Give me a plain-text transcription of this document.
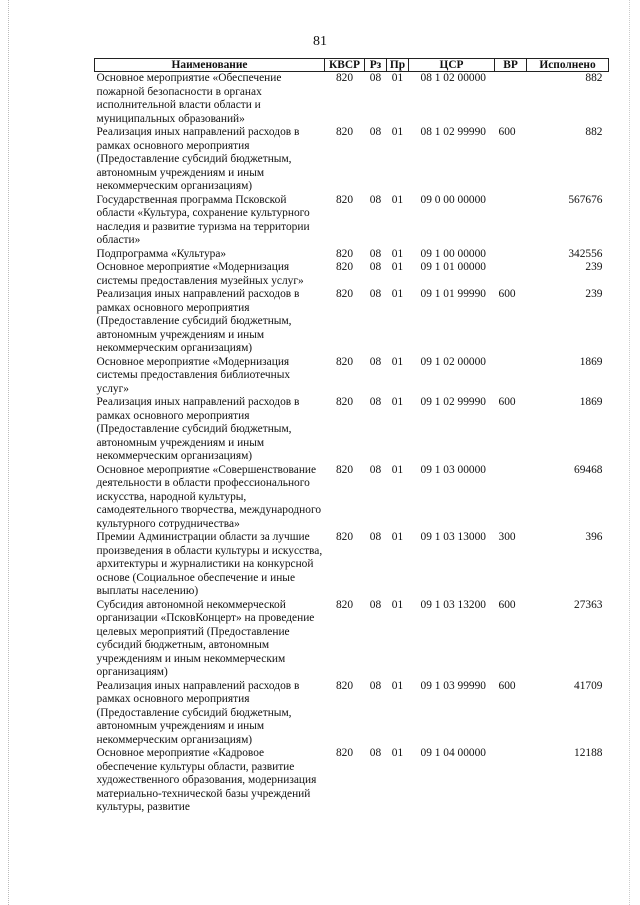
81
Наименование	КВСР	Рз	Пр	ЦСР	ВР	Исполнено
Основное мероприятие «Обеспечение пожарной безопасности в органах исполнительной власти области и муниципальных образований»	820	08	01	08 1 02 00000		882
Реализация иных направлений расходов в рамках основного мероприятия (Предоставление субсидий бюджетным, автономным учреждениям и иным некоммерческим организациям)	820	08	01	08 1 02 99990	600	882
Государственная программа Псковской области «Культура, сохранение культурного наследия и развитие туризма на территории области»	820	08	01	09 0 00 00000		567676
Подпрограмма «Культура»	820	08	01	09 1 00 00000		342556
Основное мероприятие «Модернизация системы предоставления музейных услуг»	820	08	01	09 1 01 00000		239
Реализация иных направлений расходов в рамках основного мероприятия (Предоставление субсидий бюджетным, автономным учреждениям и иным некоммерческим организациям)	820	08	01	09 1 01 99990	600	239
Основное мероприятие «Модернизация системы предоставления библиотечных услуг»	820	08	01	09 1 02 00000		1869
Реализация иных направлений расходов в рамках основного мероприятия (Предоставление субсидий бюджетным, автономным учреждениям и иным некоммерческим организациям)	820	08	01	09 1 02 99990	600	1869
Основное мероприятие «Совершенствование деятельности в области профессионального искусства, народной культуры, самодеятельного творчества, международного культурного сотрудничества»	820	08	01	09 1 03 00000		69468
Премии Администрации области за лучшие произведения в области культуры и искусства, архитектуры и журналистики на конкурсной основе (Социальное обеспечение и иные выплаты населению)	820	08	01	09 1 03 13000	300	396
Субсидия автономной некоммерческой организации «ПсковКонцерт» на проведение целевых мероприятий (Предоставление субсидий бюджетным, автономным учреждениям и иным некоммерческим организациям)	820	08	01	09 1 03 13200	600	27363
Реализация иных направлений расходов в рамках основного мероприятия (Предоставление субсидий бюджетным, автономным учреждениям и иным некоммерческим организациям)	820	08	01	09 1 03 99990	600	41709
Основное мероприятие «Кадровое обеспечение культуры области, развитие художественного образования, модернизация материально-технической базы учреждений культуры, развитие	820	08	01	09 1 04 00000		12188
